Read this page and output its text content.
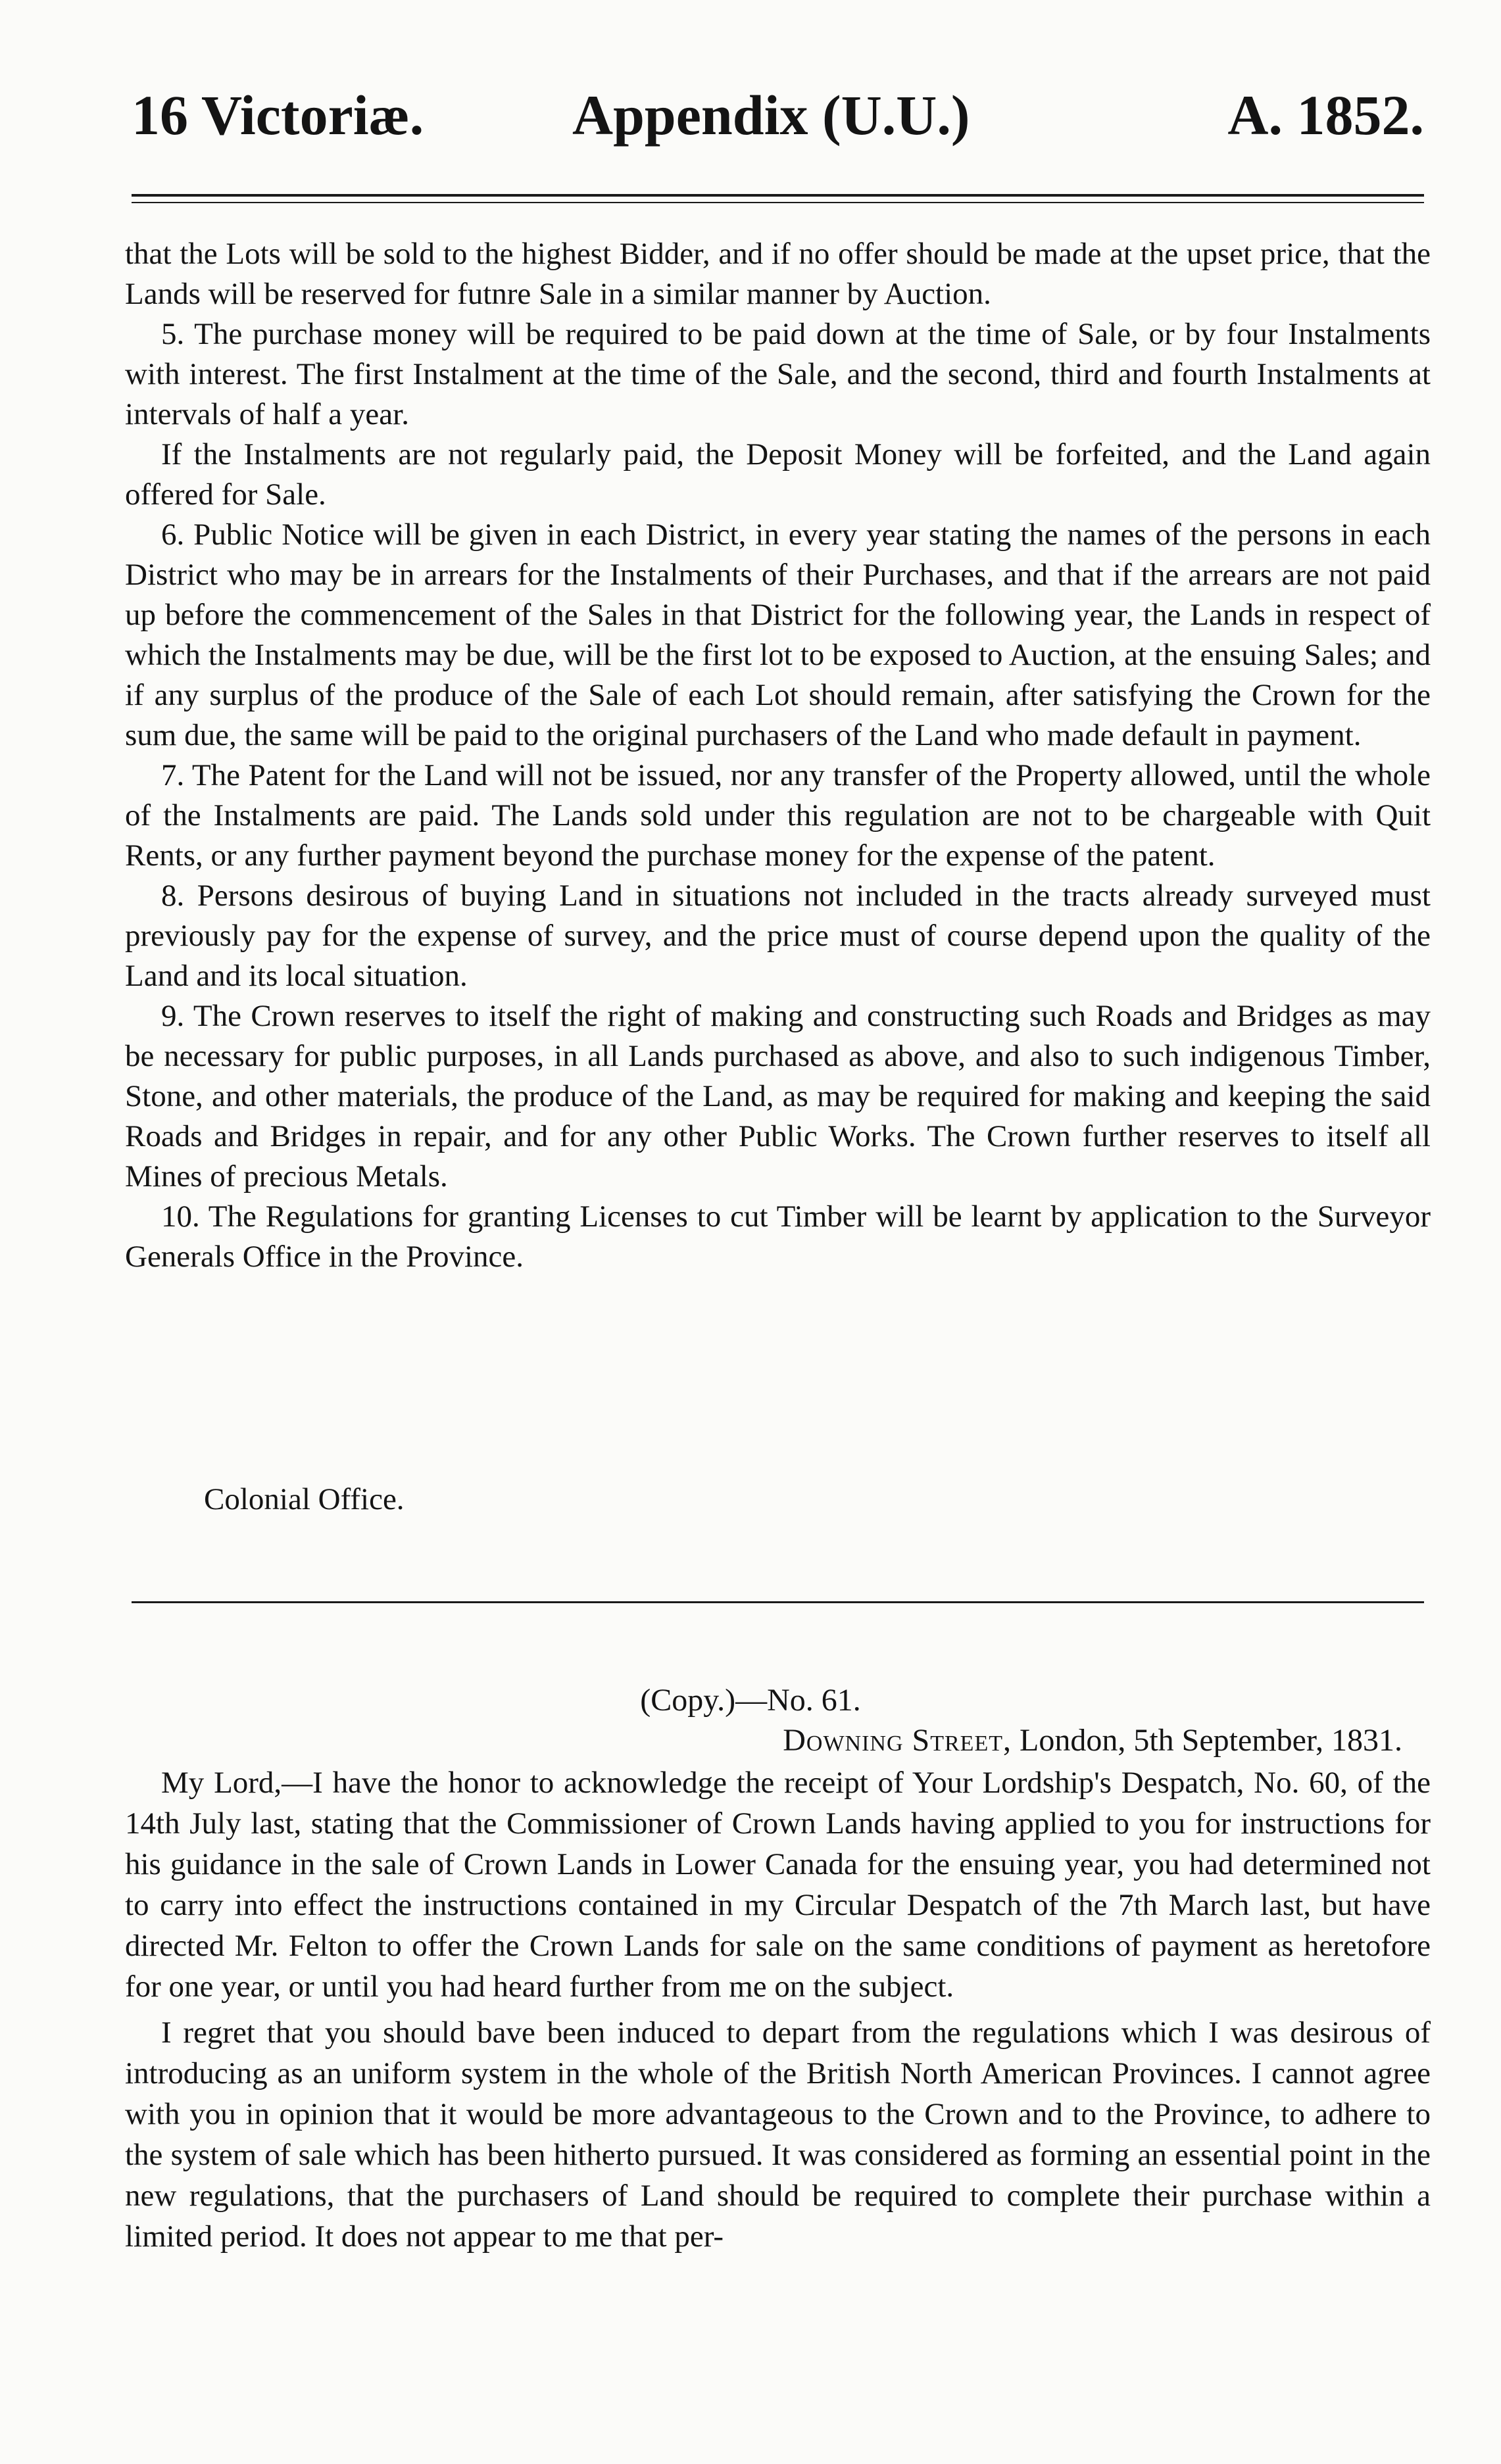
16 Victoriæ.	Appendix (U.U.)	A. 1852.

that the Lots will be sold to the highest Bidder, and if no offer should be made at the upset price, that the Lands will be reserved for futnre Sale in a similar manner by Auction.

5. The purchase money will be required to be paid down at the time of Sale, or by four Instalments with interest. The first Instalment at the time of the Sale, and the second, third and fourth Instalments at intervals of half a year.

If the Instalments are not regularly paid, the Deposit Money will be forfeited, and the Land again offered for Sale.

6. Public Notice will be given in each District, in every year stating the names of the persons in each District who may be in arrears for the Instalments of their Purchases, and that if the arrears are not paid up before the commencement of the Sales in that District for the following year, the Lands in respect of which the Instalments may be due, will be the first lot to be exposed to Auction, at the ensuing Sales; and if any surplus of the produce of the Sale of each Lot should remain, after satisfying the Crown for the sum due, the same will be paid to the original purchasers of the Land who made default in payment.

7. The Patent for the Land will not be issued, nor any transfer of the Property allowed, until the whole of the Instalments are paid. The Lands sold under this regulation are not to be chargeable with Quit Rents, or any further payment beyond the purchase money for the expense of the patent.

8. Persons desirous of buying Land in situations not included in the tracts already surveyed must previously pay for the expense of survey, and the price must of course depend upon the quality of the Land and its local situation.

9. The Crown reserves to itself the right of making and constructing such Roads and Bridges as may be necessary for public purposes, in all Lands purchased as above, and also to such indigenous Timber, Stone, and other materials, the produce of the Land, as may be required for making and keeping the said Roads and Bridges in repair, and for any other Public Works. The Crown further reserves to itself all Mines of precious Metals.

10. The Regulations for granting Licenses to cut Timber will be learnt by application to the Surveyor Generals Office in the Province.

Colonial Office.
(Copy.)—No. 61.
Downing Street, London, 5th September, 1831.

My Lord,—I have the honor to acknowledge the receipt of Your Lordship's Despatch, No. 60, of the 14th July last, stating that the Commissioner of Crown Lands having applied to you for instructions for his guidance in the sale of Crown Lands in Lower Canada for the ensuing year, you had determined not to carry into effect the instructions contained in my Circular Despatch of the 7th March last, but have directed Mr. Felton to offer the Crown Lands for sale on the same conditions of payment as heretofore for one year, or until you had heard further from me on the subject.

I regret that you should bave been induced to depart from the regulations which I was desirous of introducing as an uniform system in the whole of the British North American Provinces. I cannot agree with you in opinion that it would be more advantageous to the Crown and to the Province, to adhere to the system of sale which has been hitherto pursued. It was considered as forming an essential point in the new regulations, that the purchasers of Land should be required to complete their purchase within a limited period. It does not appear to me that per-
